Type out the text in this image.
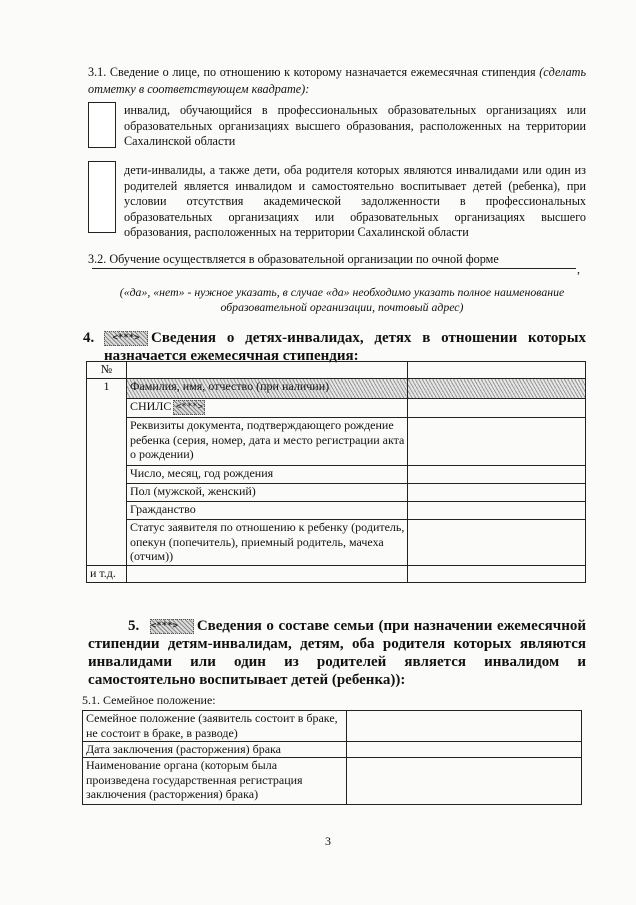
3.1. Сведение о лице, по отношению к которому назначается ежемесячная стипендия (сделать отметку в соответствующем квадрате):
инвалид, обучающийся в профессиональных образовательных организациях или образовательных организациях высшего образования, расположенных на территории Сахалинской области
дети-инвалиды, а также дети, оба родителя которых являются инвалидами или один из родителей является инвалидом и самостоятельно воспитывает детей (ребенка), при условии отсутствия академической задолженности в профессиональных образовательных организациях или образовательных организациях высшего образования, расположенных на территории Сахалинской области
3.2. Обучение осуществляется в образовательной организации по очной форме
,
(«да», «нет» - нужное указать, в случае «да» необходимо указать полное наименование образовательной организации, почтовый адрес)
4. <***> Сведения о детях-инвалидах, детях в отношении которых назначается ежемесячная стипендия:
№		
1	Фамилия, имя, отчество (при наличии)	
	СНИЛС <***>	
	Реквизиты документа, подтверждающего рождение ребенка (серия, номер, дата и место регистрации акта о рождении)	
	Число, месяц, год рождения	
	Пол (мужской, женский)	
	Гражданство	
	Статус заявителя по отношению к ребенку (родитель, опекун (попечитель), приемный родитель, мачеха (отчим))	
и т.д.		
5. <***> Сведения о составе семьи (при назначении ежемесячной стипендии детям-инвалидам, детям, оба родителя которых являются инвалидами или один из родителей является инвалидом и самостоятельно воспитывает детей (ребенка)):
5.1. Семейное положение:
Семейное положение (заявитель состоит в браке, не состоит в браке, в разводе)	
Дата заключения (расторжения) брака	
Наименование органа (которым была произведена государственная регистрация заключения (расторжения) брака)	
3
